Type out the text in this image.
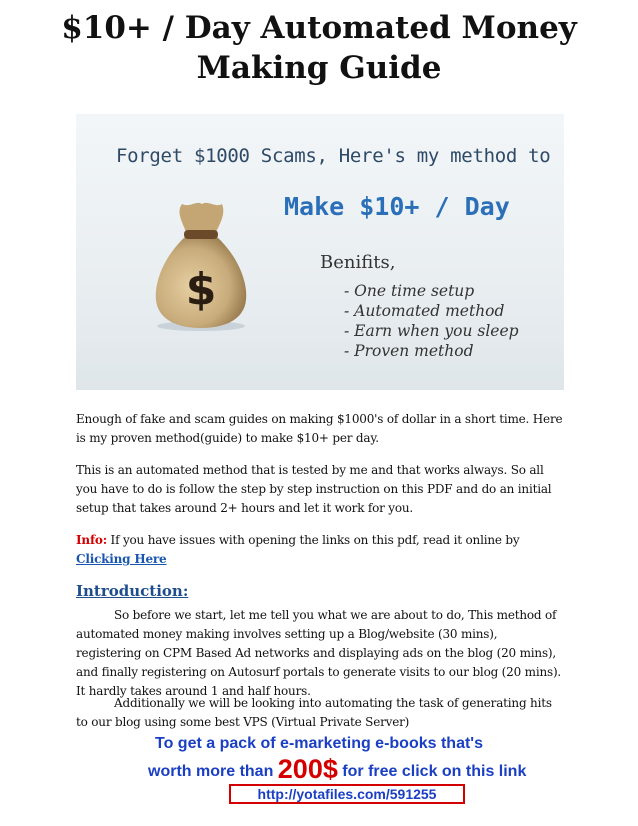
$10+ / Day Automated Money
Making Guide
Forget $1000 Scams, Here's my method to
Make $10+ / Day
$
Benifits,
- One time setup
- Automated method
- Earn when you sleep
- Proven method
Enough of fake and scam guides on making $1000's of dollar in a short time. Here is my proven method(guide) to make $10+ per day.
This is an automated method that is tested by me and that works always. So all you have to do is follow the step by step instruction on this PDF and do an initial setup that takes around 2+ hours and let it work for you.
Info: If you have issues with opening the links on this pdf, read it online by Clicking Here
Introduction:
So before we start, let me tell you what we are about to do, This method of automated money making involves setting up a Blog/website (30 mins), registering on CPM Based Ad networks and displaying ads on the blog (20 mins), and finally registering on Autosurf portals to generate visits to our blog (20 mins). It hardly takes around 1 and half hours.
Additionally we will be looking into automating the task of generating hits to our blog using some best VPS (Virtual Private Server)
To get a pack of e-marketing e-books that's
worth more than 200$ for free click on this link
http://yotafiles.com/591255
